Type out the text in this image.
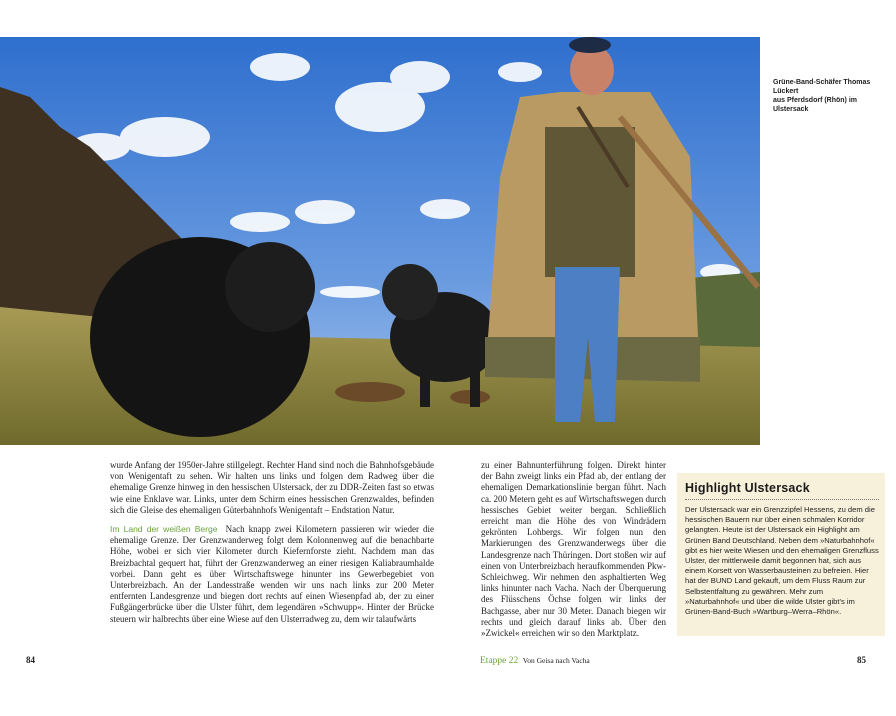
Grüne-Band-Schäfer Thomas Lückert
aus Pferdsdorf (Rhön) im Ulstersack

wurde Anfang der 1950er-Jahre stillgelegt. Rechter Hand sind noch die Bahnhofsgebäude von Wenigentaft zu sehen. Wir halten uns links und folgen dem Radweg über die ehemalige Grenze hinweg in den hessischen Ulstersack, der zu DDR-Zeiten fast so etwas wie eine Enklave war. Links, unter dem Schirm eines hessischen Grenzwaldes, befinden sich die Gleise des ehemaligen Güterbahnhofs Wenigentaft – Endstation Natur.

Im Land der weißen Berge Nach knapp zwei Kilometern passieren wir wieder die ehemalige Grenze. Der Grenzwanderweg folgt dem Kolonnenweg auf die benachbarte Höhe, wobei er sich vier Kilometer durch Kiefernforste zieht. Nachdem man das Breizbachtal gequert hat, führt der Grenzwanderweg an einer riesigen Kaliabraumhalde vorbei. Dann geht es über Wirtschaftswege hinunter ins Gewerbegebiet von Unterbreizbach. An der Landesstraße wenden wir uns nach links zur 200 Meter entfernten Landesgrenze und biegen dort rechts auf einen Wiesenpfad ab, der zu einer Fußgängerbrücke über die Ulster führt, dem legendären »Schwupp«. Hinter der Brücke steuern wir halbrechts über eine Wiese auf den Ulsterradweg zu, dem wir talaufwärts

zu einer Bahnunterführung folgen. Direkt hinter der Bahn zweigt links ein Pfad ab, der entlang der ehemaligen Demarkationslinie bergan führt. Nach ca. 200 Metern geht es auf Wirtschaftswegen durch hessisches Gebiet weiter bergan. Schließlich erreicht man die Höhe des von Windrädern gekrönten Lohbergs. Wir folgen nun den Markierungen des Grenzwanderwegs über die Landesgrenze nach Thüringen. Dort stoßen wir auf einen von Unterbreizbach heraufkommenden Pkw-Schleichweg. Wir nehmen den asphaltierten Weg links hinunter nach Vacha. Nach der Überquerung des Flüsschens Öchse folgen wir links der Bachgasse, aber nur 30 Meter. Danach biegen wir rechts und gleich darauf links ab. Über den »Zwickel« erreichen wir so den Marktplatz.

Highlight Ulstersack
Der Ulstersack war ein Grenzzipfel Hessens, zu dem die hessischen Bauern nur über einen schmalen Korridor gelangten. Heute ist der Ulstersack ein Highlight am Grünen Band Deutschland. Neben dem »Naturbahnhof« gibt es hier weite Wiesen und den ehemaligen Grenzfluss Ulster, der mittlerweile damit begonnen hat, sich aus einem Korsett von Wasserbausteinen zu befreien. Hier hat der BUND Land gekauft, um dem Fluss Raum zur Selbstentfaltung zu gewähren. Mehr zum »Naturbahnhof« und über die wilde Ulster gibt's im Grünen-Band-Buch »Wartburg–Werra–Rhön«.
84	Etappe 22 Von Geisa nach Vacha	85
